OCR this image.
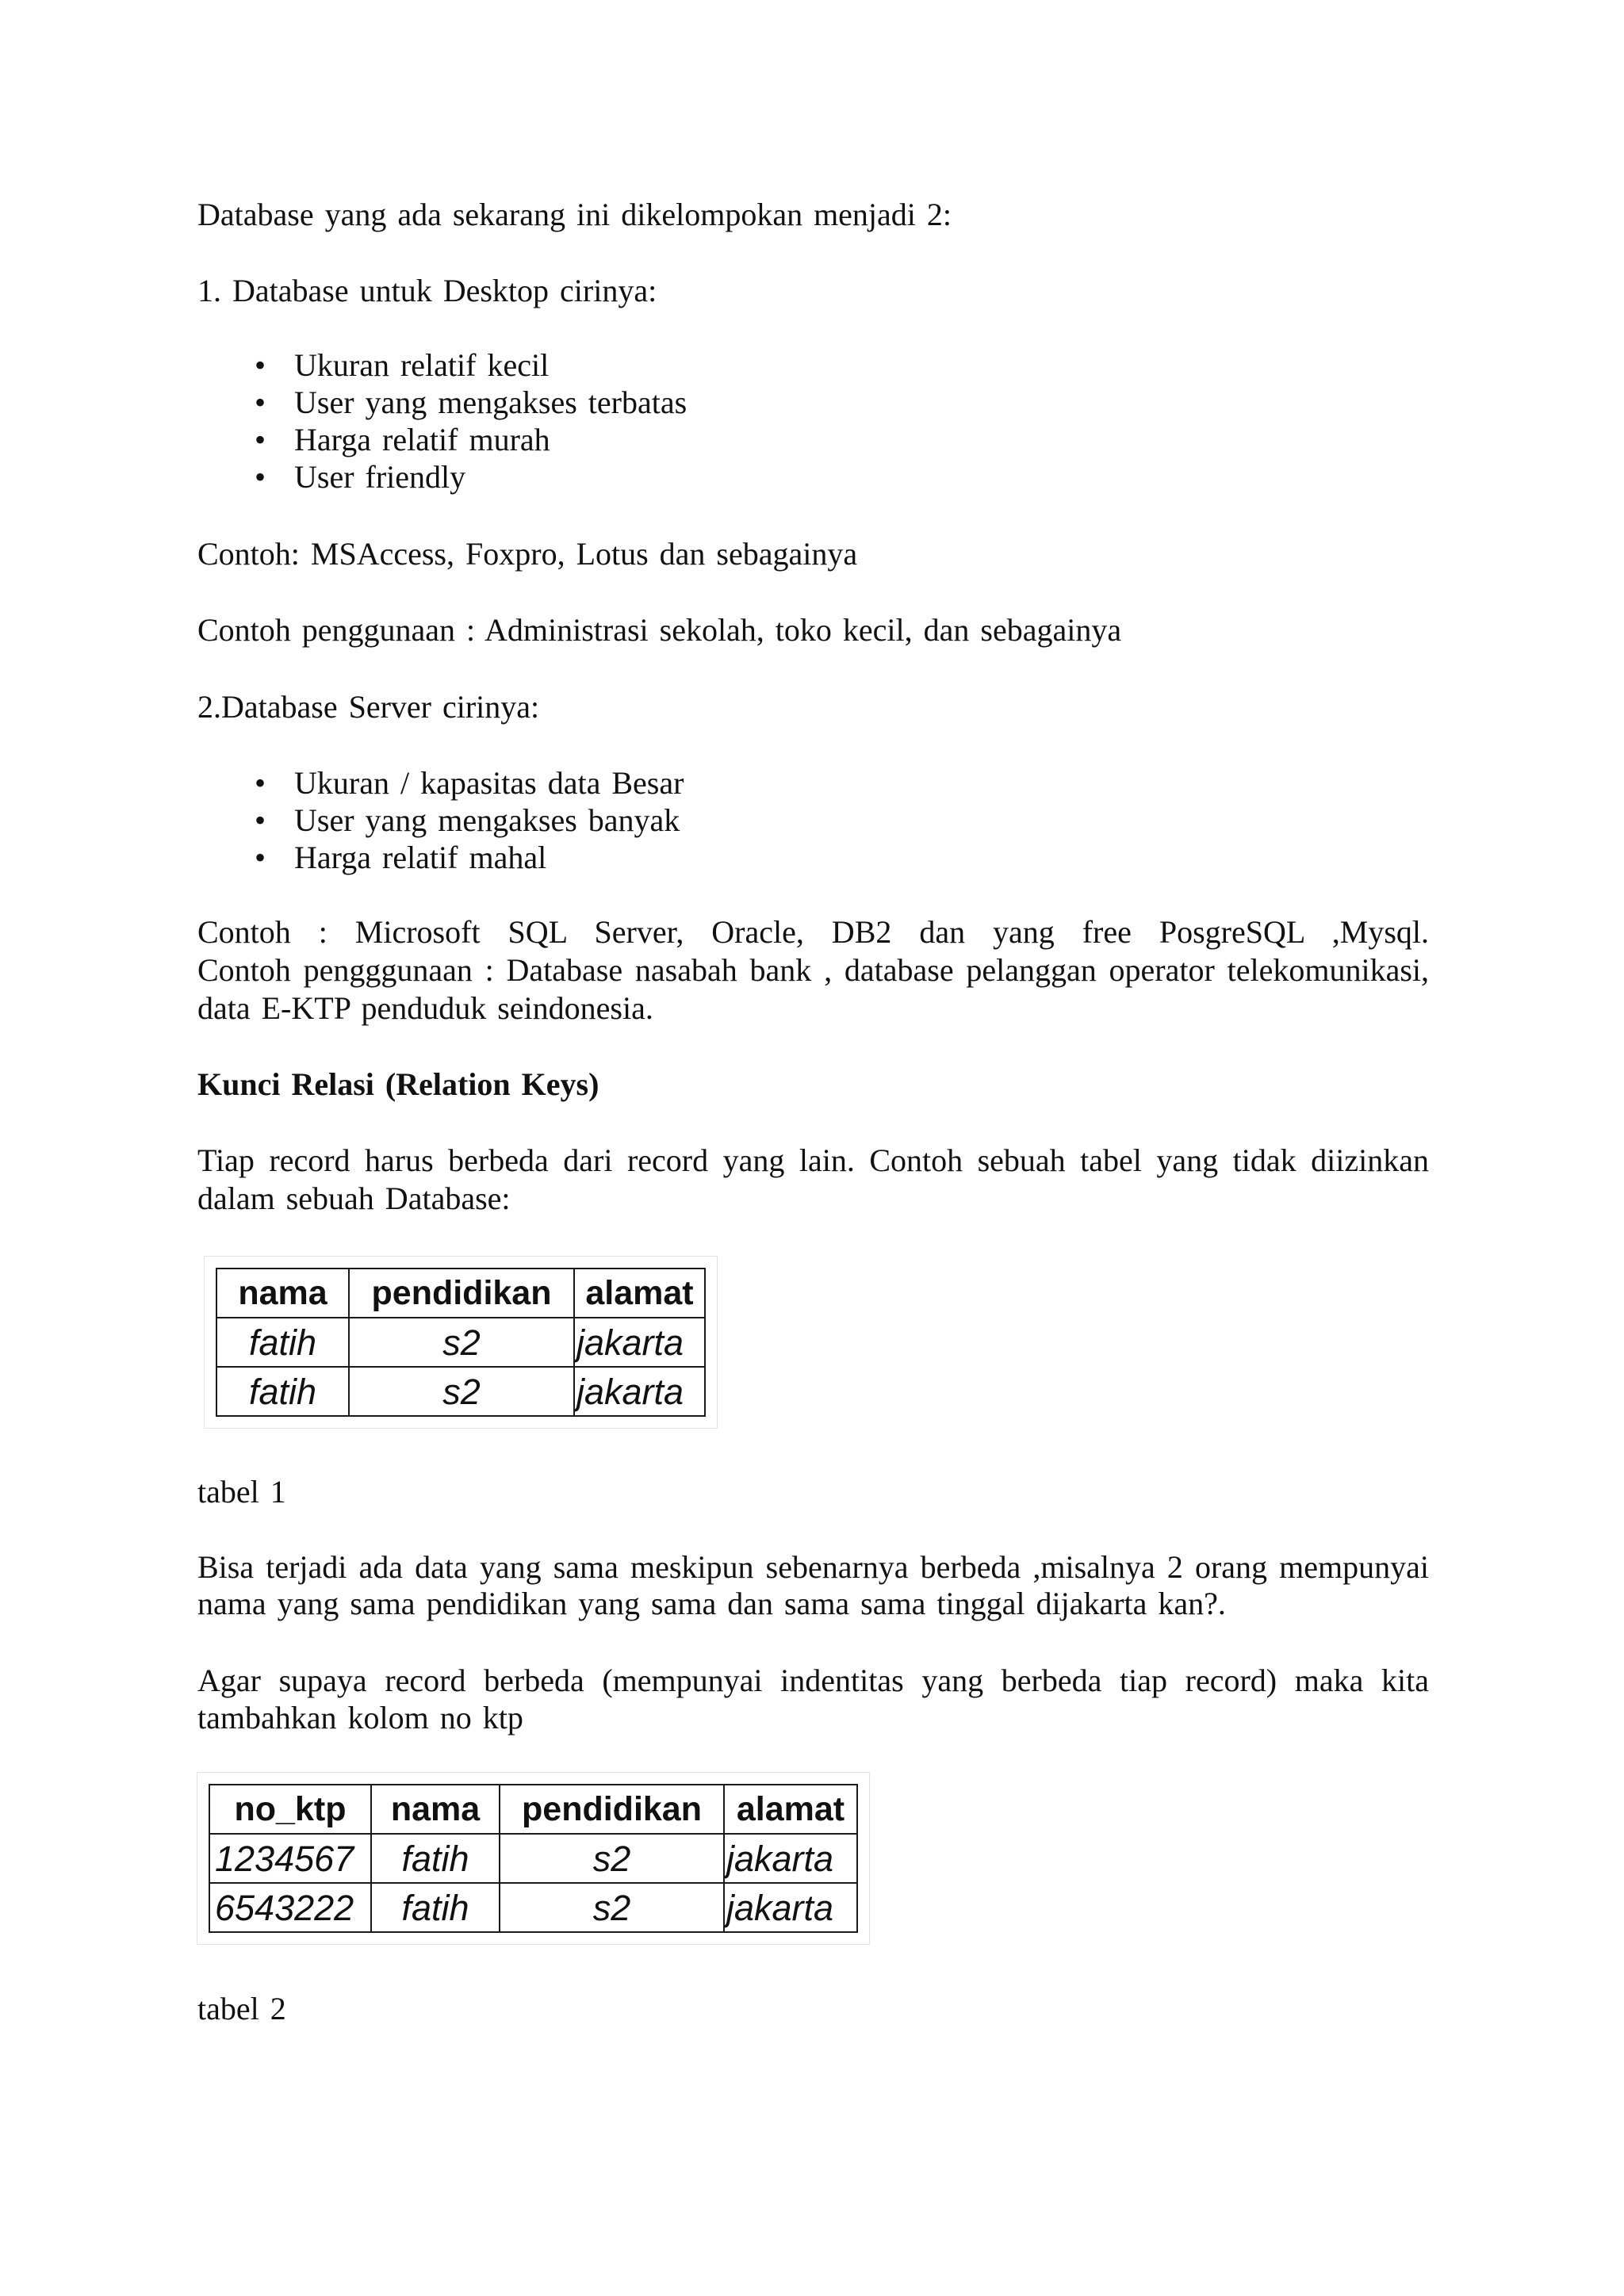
Database yang ada sekarang ini dikelompokan menjadi 2:
1. Database untuk Desktop cirinya:
•
Ukuran relatif kecil
•
User yang mengakses terbatas
•
Harga relatif murah
•
User friendly
Contoh: MSAccess, Foxpro, Lotus dan sebagainya
Contoh penggunaan : Administrasi sekolah, toko kecil, dan sebagainya
2.Database Server cirinya:
•
Ukuran / kapasitas data Besar
•
User yang mengakses banyak
•
Harga relatif mahal
Contoh : Microsoft SQL Server, Oracle, DB2 dan yang free PosgreSQL ,Mysql.
Contoh pengggunaan : Database nasabah bank , database pelanggan operator telekomunikasi,
data E-KTP penduduk seindonesia.
Kunci Relasi (Relation Keys)
Tiap record harus berbeda dari record yang lain. Contoh sebuah tabel yang tidak diizinkan
dalam sebuah Database:
nama	pendidikan	alamat
fatih	s2	jakarta
fatih	s2	jakarta
tabel 1
Bisa terjadi ada data yang sama meskipun sebenarnya berbeda ,misalnya 2 orang mempunyai
nama yang sama pendidikan yang sama dan sama sama tinggal dijakarta kan?.
Agar supaya record berbeda (mempunyai indentitas yang berbeda tiap record) maka kita
tambahkan kolom no ktp
no_ktp	nama	pendidikan	alamat
1234567	fatih	s2	jakarta
6543222	fatih	s2	jakarta
tabel 2
